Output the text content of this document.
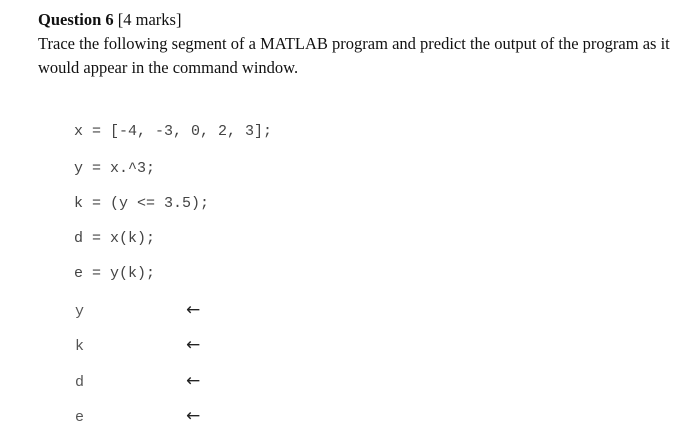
Question 6 [4 marks]
Trace the following segment of a MATLAB program and predict the output of the program as it would appear in the command window.
x = [-4, -3, 0, 2, 3];
y = x.^3;
k = (y <= 3.5);
d = x(k);
e = y(k);
y	←
k	←
d	←
e	←
